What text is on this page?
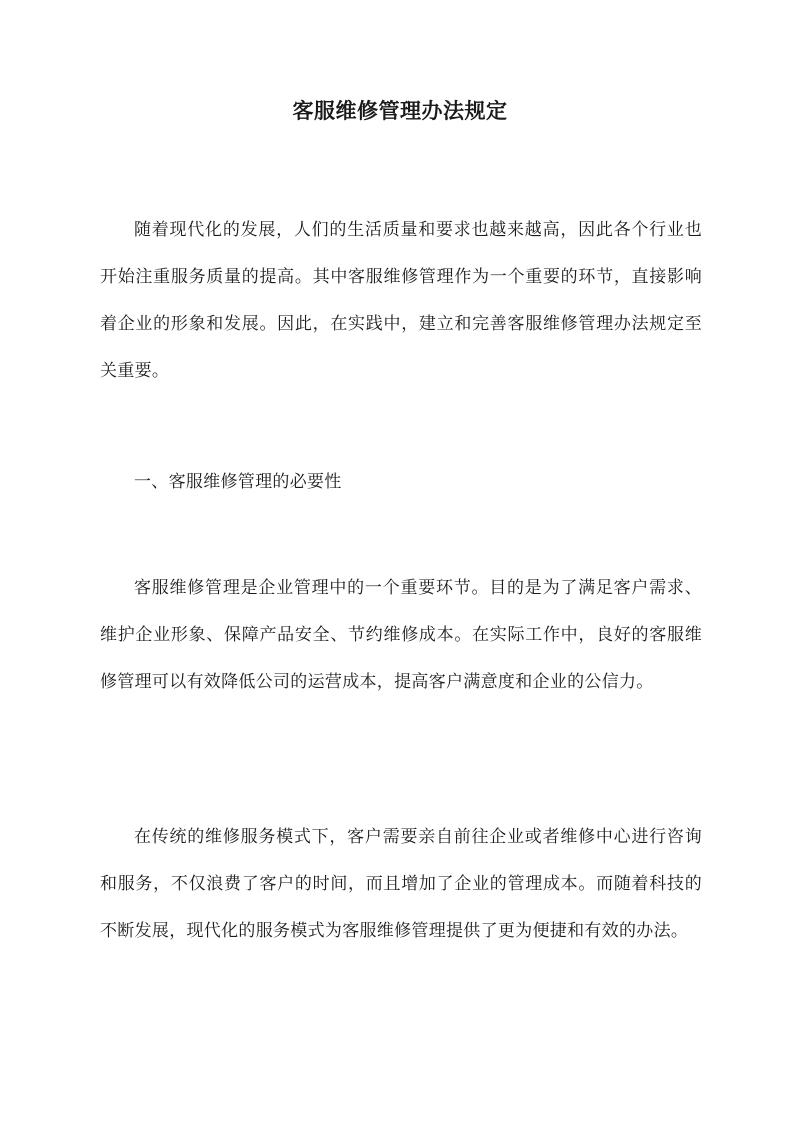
客服维修管理办法规定

随着现代化的发展，人们的生活质量和要求也越来越高，因此各个行业也开始注重服务质量的提高。其中客服维修管理作为一个重要的环节，直接影响着企业的形象和发展。因此，在实践中，建立和完善客服维修管理办法规定至关重要。

一、客服维修管理的必要性

客服维修管理是企业管理中的一个重要环节。目的是为了满足客户需求、维护企业形象、保障产品安全、节约维修成本。在实际工作中，良好的客服维修管理可以有效降低公司的运营成本，提高客户满意度和企业的公信力。

在传统的维修服务模式下，客户需要亲自前往企业或者维修中心进行咨询和服务，不仅浪费了客户的时间，而且增加了企业的管理成本。而随着科技的不断发展，现代化的服务模式为客服维修管理提供了更为便捷和有效的办法。
